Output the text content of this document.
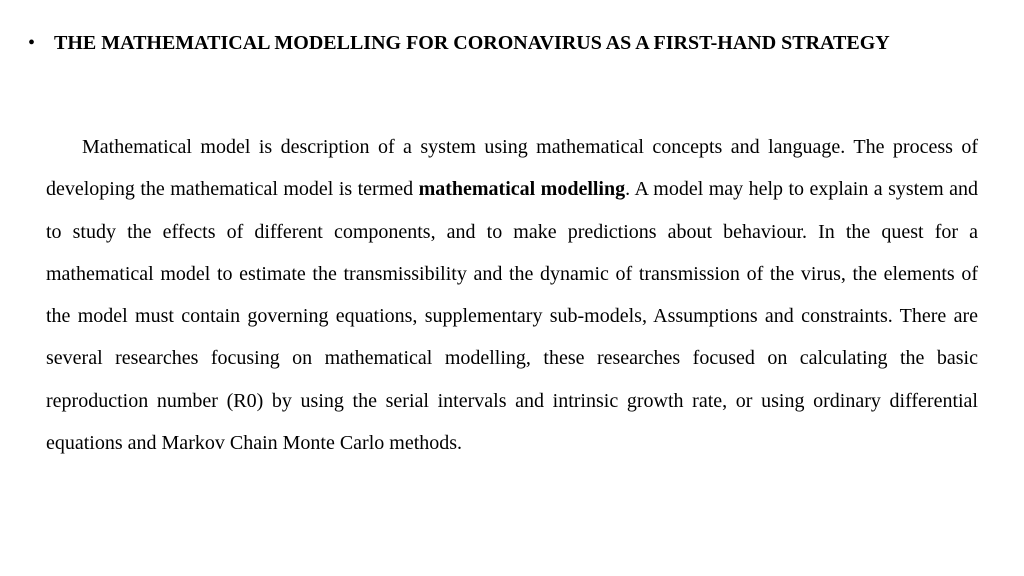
• THE MATHEMATICAL MODELLING FOR CORONAVIRUS AS A FIRST-HAND STRATEGY

Mathematical model is description of a system using mathematical concepts and language. The process of developing the mathematical model is termed mathematical modelling. A model may help to explain a system and to study the effects of different components, and to make predictions about behaviour. In the quest for a mathematical model to estimate the transmissibility and the dynamic of transmission of the virus, the elements of the model must contain governing equations, supplementary sub-models, Assumptions and constraints. There are several researches focusing on mathematical modelling, these researches focused on calculating the basic reproduction number (R0) by using the serial intervals and intrinsic growth rate, or using ordinary differential equations and Markov Chain Monte Carlo methods.
